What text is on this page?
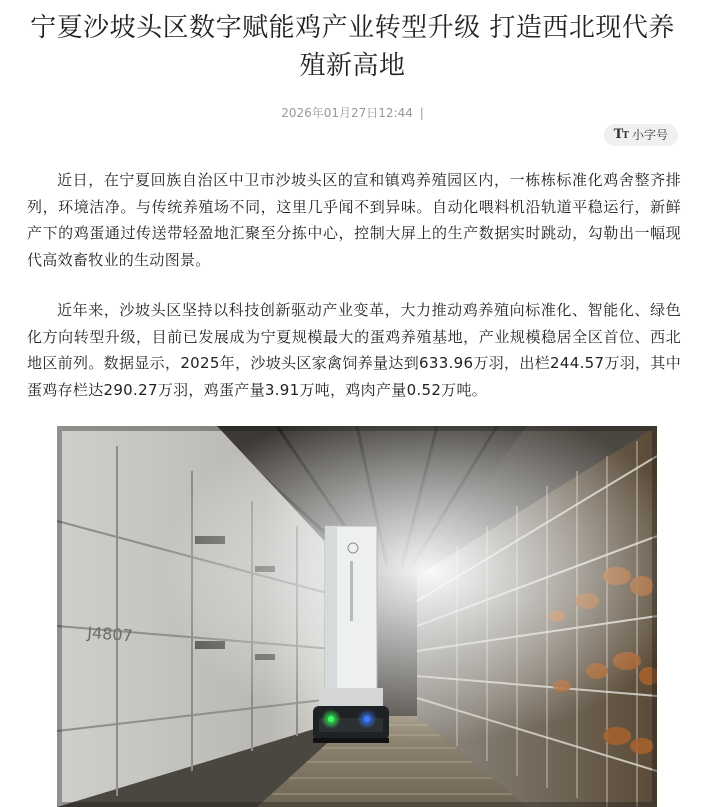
宁夏沙坡头区数字赋能鸡产业转型升级 打造西北现代养殖新高地
2026年01月27日12:44 |
TT 小字号

近日，在宁夏回族自治区中卫市沙坡头区的宣和镇鸡养殖园区内，一栋栋标准化鸡舍整齐排列，环境洁净。与传统养殖场不同，这里几乎闻不到异味。自动化喂料机沿轨道平稳运行，新鲜产下的鸡蛋通过传送带轻盈地汇聚至分拣中心，控制大屏上的生产数据实时跳动，勾勒出一幅现代高效畜牧业的生动图景。

近年来，沙坡头区坚持以科技创新驱动产业变革，大力推动鸡养殖向标准化、智能化、绿色化方向转型升级，目前已发展成为宁夏规模最大的蛋鸡养殖基地，产业规模稳居全区首位、西北地区前列。数据显示，2025年，沙坡头区家禽饲养量达到633.96万羽，出栏244.57万羽，其中蛋鸡存栏达290.27万羽，鸡蛋产量3.91万吨，鸡肉产量0.52万吨。
